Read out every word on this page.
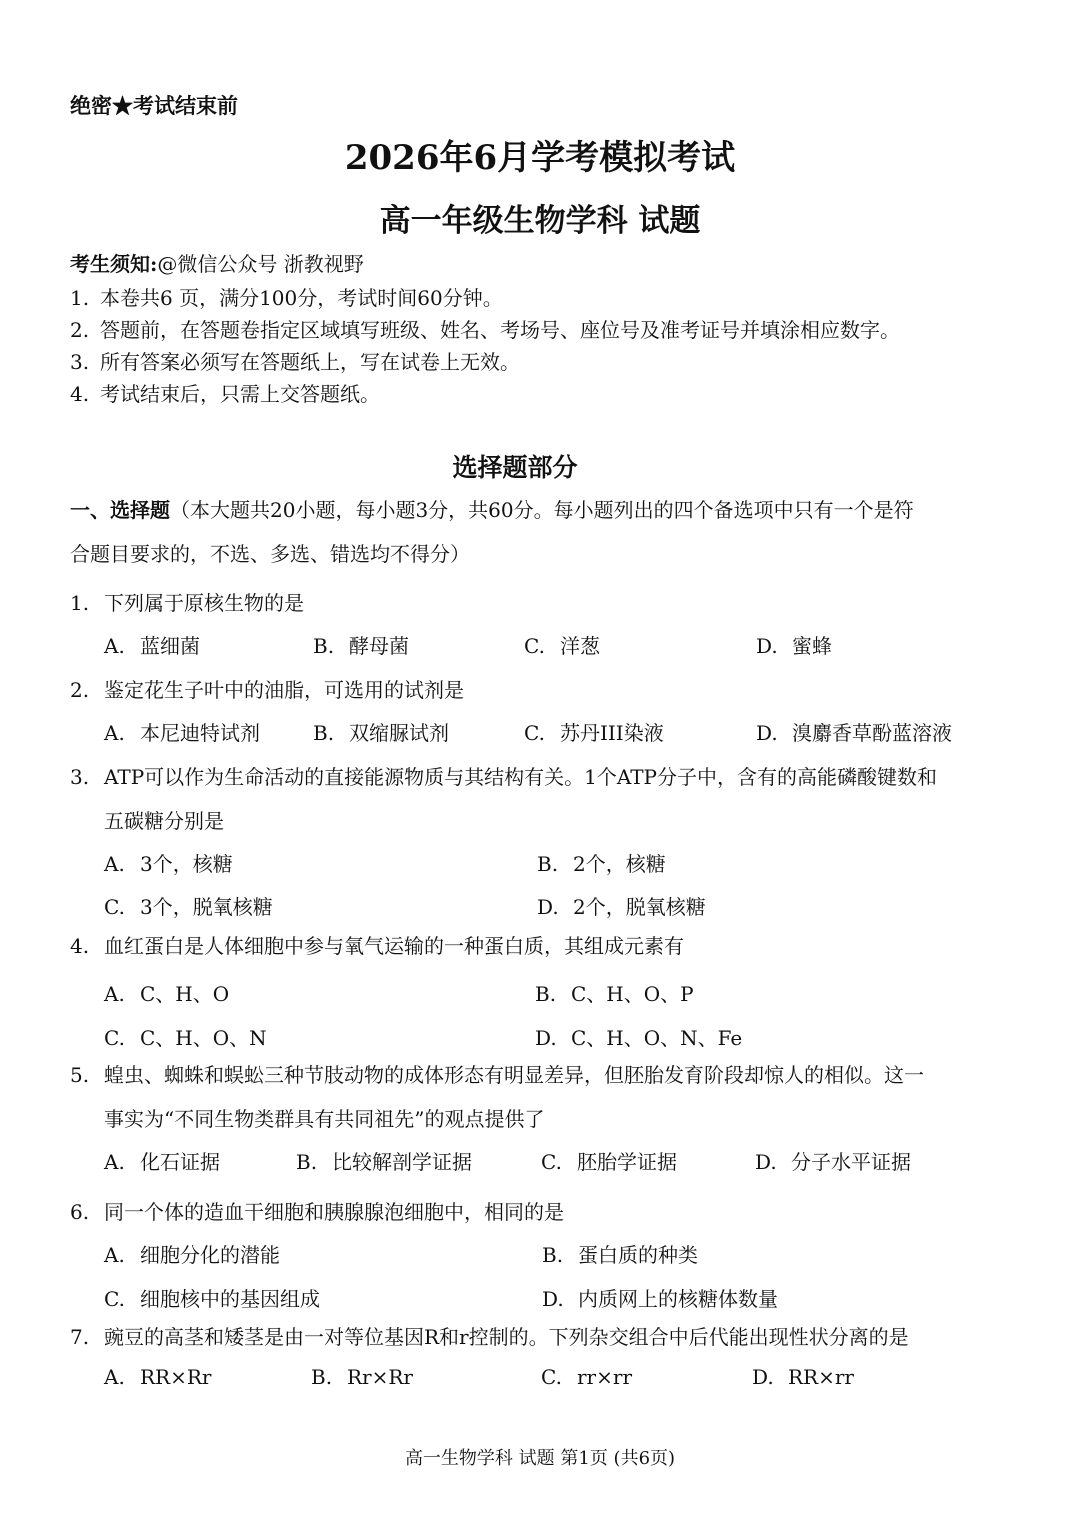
绝密★考试结束前
2026年6月学考模拟考试
高一年级生物学科 试题
考生须知:@微信公众号 浙教视野
1. 本卷共6 页，满分100分，考试时间60分钟。
2. 答题前，在答题卷指定区域填写班级、姓名、考场号、座位号及准考证号并填涂相应数字。
3. 所有答案必须写在答题纸上，写在试卷上无效。
4. 考试结束后，只需上交答题纸。
选择题部分
一、选择题（本大题共20小题，每小题3分，共60分。每小题列出的四个备选项中只有一个是符
合题目要求的，不选、多选、错选均不得分）
1. 下列属于原核生物的是
A. 蓝细菌	B. 酵母菌	C. 洋葱	D. 蜜蜂
2. 鉴定花生子叶中的油脂，可选用的试剂是
A. 本尼迪特试剂	B. 双缩脲试剂	C. 苏丹III染液	D. 溴麝香草酚蓝溶液
3. ATP可以作为生命活动的直接能源物质与其结构有关。1个ATP分子中，含有的高能磷酸键数和
五碳糖分别是
A. 3个，核糖	B. 2个，核糖
C. 3个，脱氧核糖	D. 2个，脱氧核糖
4. 血红蛋白是人体细胞中参与氧气运输的一种蛋白质，其组成元素有
A. C、H、O	B. C、H、O、P
C. C、H、O、N	D. C、H、O、N、Fe
5. 蝗虫、蜘蛛和蜈蚣三种节肢动物的成体形态有明显差异，但胚胎发育阶段却惊人的相似。这一
事实为“不同生物类群具有共同祖先”的观点提供了
A. 化石证据	B. 比较解剖学证据	C. 胚胎学证据	D. 分子水平证据
6. 同一个体的造血干细胞和胰腺腺泡细胞中，相同的是
A. 细胞分化的潜能	B. 蛋白质的种类
C. 细胞核中的基因组成	D. 内质网上的核糖体数量
7. 豌豆的高茎和矮茎是由一对等位基因R和r控制的。下列杂交组合中后代能出现性状分离的是
A. RR×Rr	B. Rr×Rr	C. rr×rr	D. RR×rr
高一生物学科 试题 第1页 (共6页)
